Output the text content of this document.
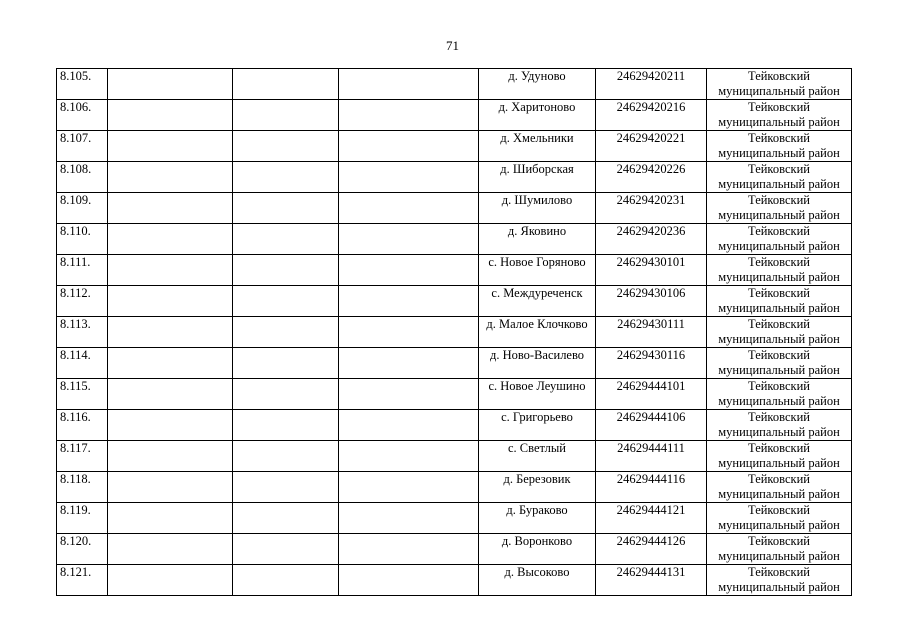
71
8.105.				д. Удуново	24629420211	Тейковский муниципальный район
8.106.				д. Харитоново	24629420216	Тейковский муниципальный район
8.107.				д. Хмельники	24629420221	Тейковский муниципальный район
8.108.				д. Шиборская	24629420226	Тейковский муниципальный район
8.109.				д. Шумилово	24629420231	Тейковский муниципальный район
8.110.				д. Яковино	24629420236	Тейковский муниципальный район
8.111.				с. Новое Горяново	24629430101	Тейковский муниципальный район
8.112.				с. Междуреченск	24629430106	Тейковский муниципальный район
8.113.				д. Малое Клочково	24629430111	Тейковский муниципальный район
8.114.				д. Ново-Василево	24629430116	Тейковский муниципальный район
8.115.				с. Новое Леушино	24629444101	Тейковский муниципальный район
8.116.				с. Григорьево	24629444106	Тейковский муниципальный район
8.117.				с. Светлый	24629444111	Тейковский муниципальный район
8.118.				д. Березовик	24629444116	Тейковский муниципальный район
8.119.				д. Бураково	24629444121	Тейковский муниципальный район
8.120.				д. Воронково	24629444126	Тейковский муниципальный район
8.121.				д. Высоково	24629444131	Тейковский муниципальный район
